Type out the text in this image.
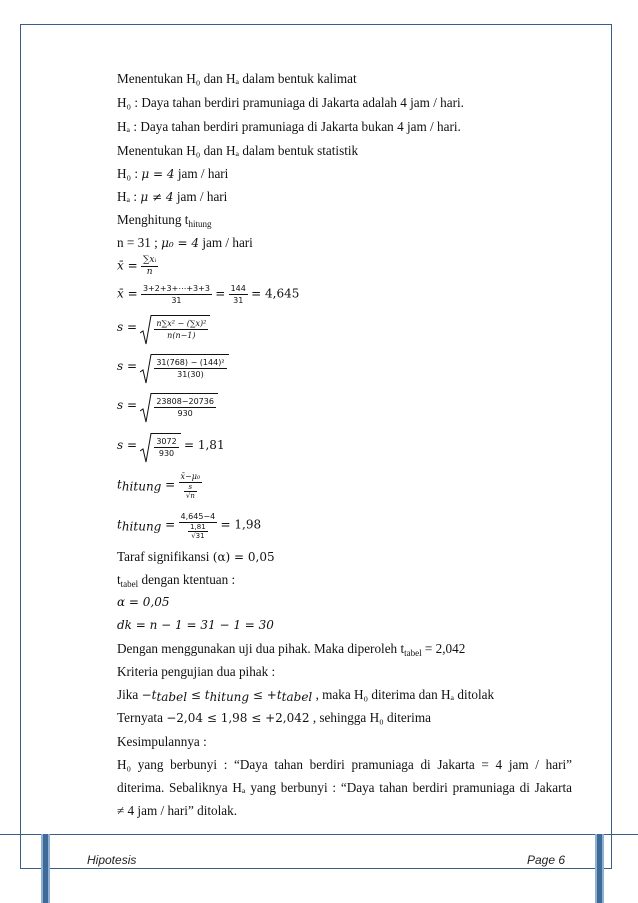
Menentukan H₀ dan Hₐ dalam bentuk kalimat
H₀ : Daya tahan berdiri pramuniaga di Jakarta adalah 4 jam / hari.
Hₐ : Daya tahan berdiri pramuniaga di Jakarta bukan 4 jam / hari.
Menentukan H₀ dan Hₐ dalam bentuk statistik
H₀ : μ = 4 jam / hari
Hₐ : μ ≠ 4 jam / hari
Menghitung $t_{hitung}$
n = 31 ; μ₀ = 4 jam / hari
x̄ = $\frac{\text{∑xᵢ}}{n}$
x̄ = $\frac{3+2+3+\cdots+3+3}{31} = \frac{144}{31} = 4,645$
$s = \frac{\text{n∑x² − (∑x)²}}{n(n-1)}$
$s = \frac{\text{31(768) − (144)²}}{31(30)}$
$s = \frac{23808-20736}{930}$
$s = \frac{3072}{930} = 1,81$
thitung = $\frac{\text{x̄−μ₀}}{\frac{s}{√n}}$
thitung = $\frac{4,645-4}{\frac{1,81}{√31}} = 1,98$
Taraf signifikansi (α) = 0,05
$t_{tabel}$ dengan ktentuan :
α = 0,05
dk = n − 1 = 31 − 1 = 30
Dengan menggunakan uji dua pihak. Maka diperoleh $t_{tabel} = 2,042$
Kriteria pengujian dua pihak :
Jika −ttabel ≤ thitung ≤ +ttabel , maka H₀ diterima dan Hₐ ditolak
Ternyata −2,04 ≤ 1,98 ≤ +2,042 , sehingga H₀ diterima
Kesimpulannya :
H₀ yang berbunyi : “Daya tahan berdiri pramuniaga di Jakarta = 4 jam / hari”
diterima. Sebaliknya Hₐ yang berbunyi : “Daya tahan berdiri pramuniaga di Jakarta
≠ 4 jam / hari” ditolak.
Hipotesis	Page 6
